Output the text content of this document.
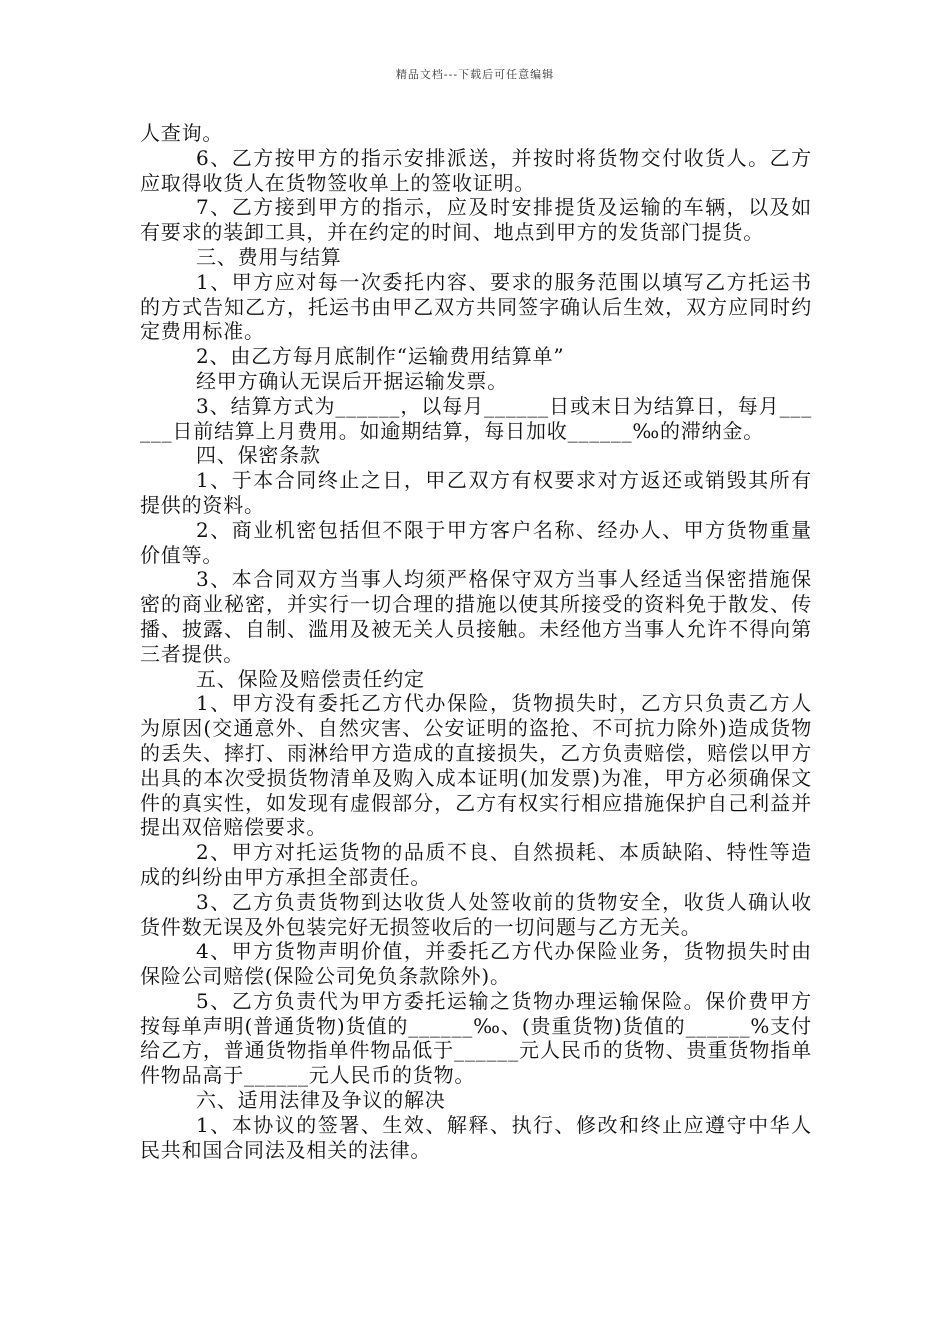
精品文档---下载后可任意编辑

人查询。

6、乙方按甲方的指示安排派送，并按时将货物交付收货人。乙方应取得收货人在货物签收单上的签收证明。

7、乙方接到甲方的指示，应及时安排提货及运输的车辆，以及如有要求的装卸工具，并在约定的时间、地点到甲方的发货部门提货。

三、费用与结算

1、甲方应对每一次委托内容、要求的服务范围以填写乙方托运书的方式告知乙方，托运书由甲乙双方共同签字确认后生效，双方应同时约定费用标准。

2、由乙方每月底制作“运输费用结算单”

经甲方确认无误后开据运输发票。

3、结算方式为______，以每月______日或末日为结算日，每月______日前结算上月费用。如逾期结算，每日加收______‰的滞纳金。

四、保密条款

1、于本合同终止之日，甲乙双方有权要求对方返还或销毁其所有提供的资料。

2、商业机密包括但不限于甲方客户名称、经办人、甲方货物重量价值等。

3、本合同双方当事人均须严格保守双方当事人经适当保密措施保密的商业秘密，并实行一切合理的措施以使其所接受的资料免于散发、传播、披露、自制、滥用及被无关人员接触。未经他方当事人允许不得向第三者提供。

五、保险及赔偿责任约定

1、甲方没有委托乙方代办保险，货物损失时，乙方只负责乙方人为原因(交通意外、自然灾害、公安证明的盗抢、不可抗力除外)造成货物的丢失、摔打、雨淋给甲方造成的直接损失，乙方负责赔偿，赔偿以甲方出具的本次受损货物清单及购入成本证明(加发票)为准，甲方必须确保文件的真实性，如发现有虚假部分，乙方有权实行相应措施保护自己利益并提出双倍赔偿要求。

2、甲方对托运货物的品质不良、自然损耗、本质缺陷、特性等造成的纠纷由甲方承担全部责任。

3、乙方负责货物到达收货人处签收前的货物安全，收货人确认收货件数无误及外包装完好无损签收后的一切问题与乙方无关。

4、甲方货物声明价值，并委托乙方代办保险业务，货物损失时由保险公司赔偿(保险公司免负条款除外)。

5、乙方负责代为甲方委托运输之货物办理运输保险。保价费甲方按每单声明(普通货物)货值的______‰、(贵重货物)货值的______%支付给乙方，普通货物指单件物品低于______元人民币的货物、贵重货物指单件物品高于______元人民币的货物。

六、适用法律及争议的解决

1、本协议的签署、生效、解释、执行、修改和终止应遵守中华人民共和国合同法及相关的法律。
